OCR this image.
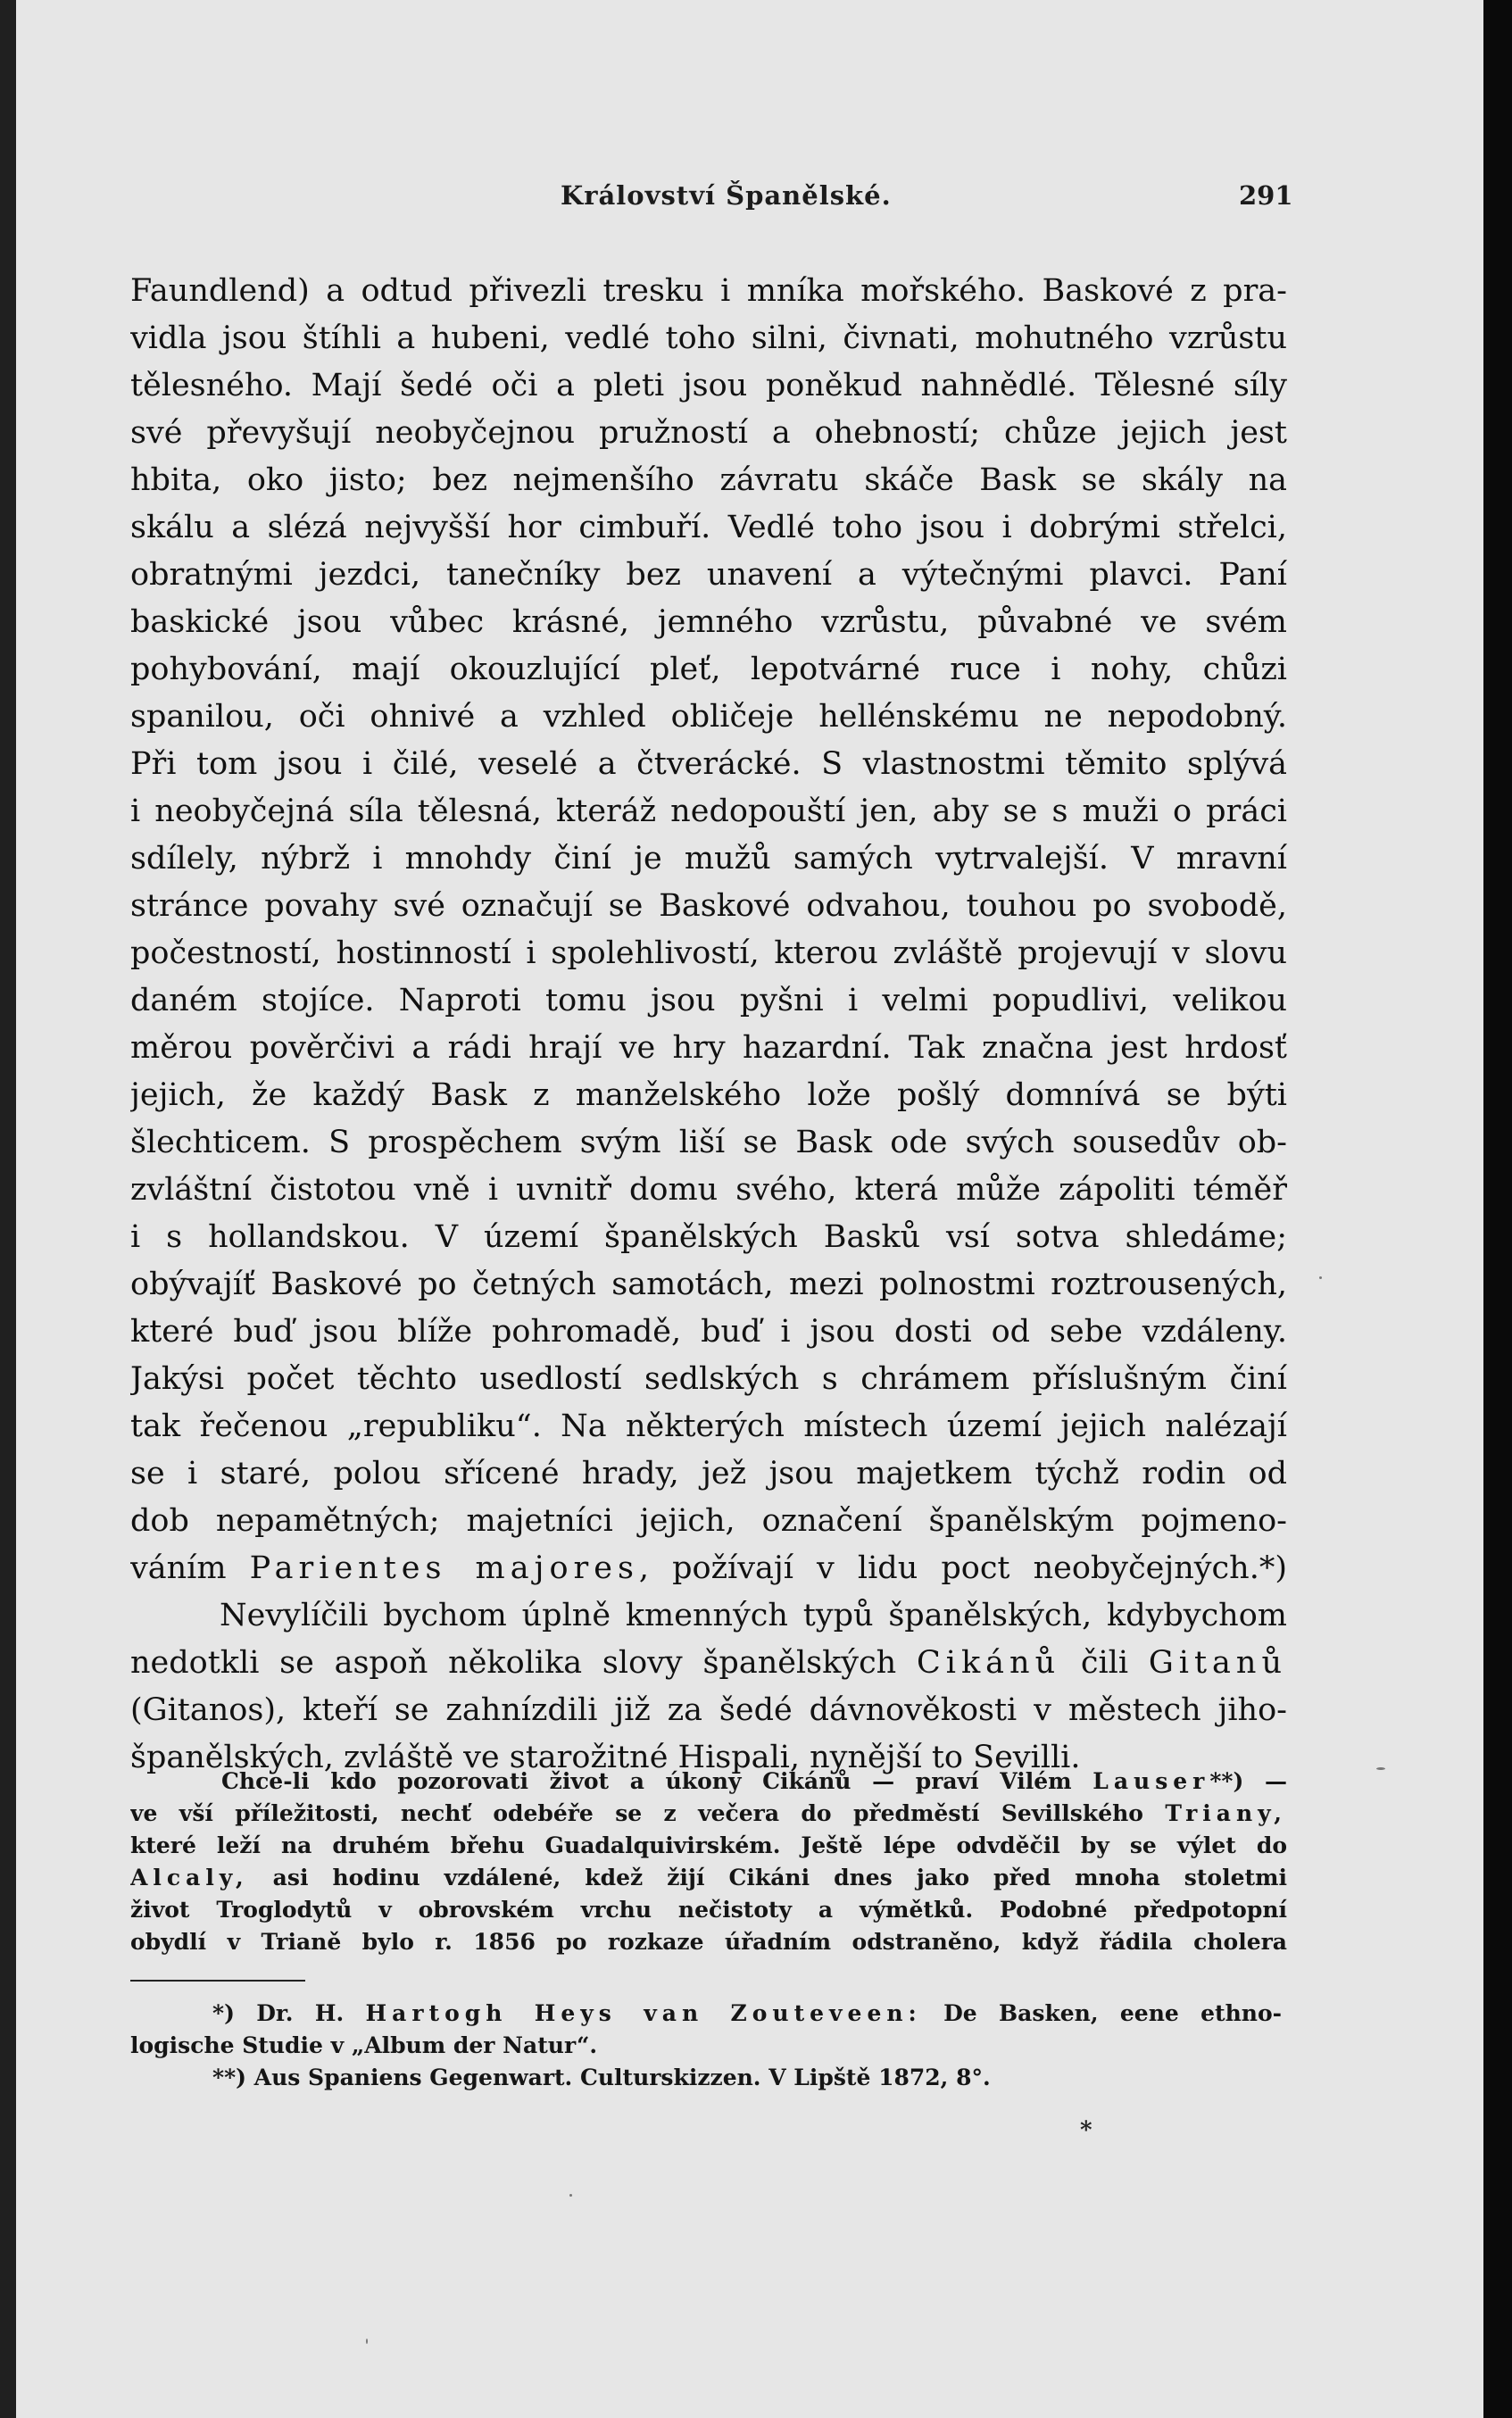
Království Španělské.	291
Faundlend) a odtud přivezli tresku i mníka mořského. Baskové z pra-
vidla jsou štíhli a hubeni, vedlé toho silni, čivnati, mohutného vzrůstu
tělesného. Mají šedé oči a pleti jsou poněkud nahnědlé. Tělesné síly
své převyšují neobyčejnou pružností a ohebností; chůze jejich jest
hbita, oko jisto; bez nejmenšího závratu skáče Bask se skály na
skálu a slézá nejvyšší hor cimbuří. Vedlé toho jsou i dobrými střelci,
obratnými jezdci, tanečníky bez unavení a výtečnými plavci. Paní
baskické jsou vůbec krásné, jemného vzrůstu, půvabné ve svém
pohybování, mají okouzlující pleť, lepotvárné ruce i nohy, chůzi
spanilou, oči ohnivé a vzhled obličeje hellénskému ne nepodobný.
Při tom jsou i čilé, veselé a čtverácké. S vlastnostmi těmito splývá
i neobyčejná síla tělesná, kteráž nedopouští jen, aby se s muži o práci
sdílely, nýbrž i mnohdy činí je mužů samých vytrvalejší. V mravní
stránce povahy své označují se Baskové odvahou, touhou po svobodě,
počestností, hostinností i spolehlivostí, kterou zvláště projevují v slovu
daném stojíce. Naproti tomu jsou pyšni i velmi popudlivi, velikou
měrou pověrčivi a rádi hrají ve hry hazardní. Tak značna jest hrdosť
jejich, že každý Bask z manželského lože pošlý domnívá se býti
šlechticem. S prospěchem svým liší se Bask ode svých sousedův ob-
zvláštní čistotou vně i uvnitř domu svého, která může zápoliti téměř
i s hollandskou. V území španělských Basků vsí sotva shledáme;
obývajíť Baskové po četných samotách, mezi polnostmi roztrousených,
které buď jsou blíže pohromadě, buď i jsou dosti od sebe vzdáleny.
Jakýsi počet těchto usedlostí sedlských s chrámem příslušným činí
tak řečenou „republiku“. Na některých místech území jejich nalézají
se i staré, polou sřícené hrady, jež jsou majetkem týchž rodin od
dob nepamětných; majetníci jejich, označení španělským pojmeno-
váním Parientes majores, požívají v lidu poct neobyčejných.*)
Nevylíčili bychom úplně kmenných typů španělských, kdybychom
nedotkli se aspoň několika slovy španělských Cikánů čili Gitanů
(Gitanos), kteří se zahnízdili již za šedé dávnověkosti v městech jiho-
španělských, zvláště ve starožitné Hispali, nynější to Sevilli.
Chce-li kdo pozorovati život a úkony Cikánů — praví Vilém Lauser**) —
ve vší příležitosti, nechť odebéře se z večera do předměstí Sevillského Triany,
které leží na druhém břehu Guadalquivirském. Ještě lépe odvděčil by se výlet do
Alcaly, asi hodinu vzdálené, kdež žijí Cikáni dnes jako před mnoha stoletmi
život Troglodytů v obrovském vrchu nečistoty a výmětků. Podobné předpotopní
obydlí v Trianě bylo r. 1856 po rozkaze úřadním odstraněno, když řádila cholera
*) Dr. H. Hartogh Heys van Zouteveen: De Basken, eene ethno-
logische Studie v „Album der Natur“.
**) Aus Spaniens Gegenwart. Culturskizzen. V Lipště 1872, 8°.
*
